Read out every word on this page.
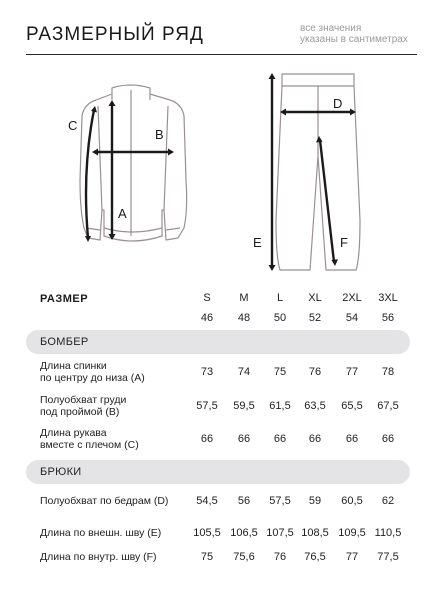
РАЗМЕРНЫЙ РЯД	все значения
указаны в сантиметрах
C
B
A
D
E	F
РАЗМЕР	S	M	L	XL	2XL	3XL
46	48	50	52	54	56
БОМБЕР
Длина спинки
по центру до низа (A)	73	74	75	76	77	78
Полуобхват груди
под проймой (B)	57,5	59,5	61,5	63,5	65,5	67,5
Длина рукава
вместе с плечом (C)	66	66	66	66	66	66
БРЮКИ
Полуобхват по бедрам (D)	54,5	56	57,5	59	60,5	62
Длина по внешн. шву (E)	105,5 106,5 107,5 108,5 109,5 110,5
Длина по внутр. шву (F)	75	75,6	76	76,5	77	77,5
